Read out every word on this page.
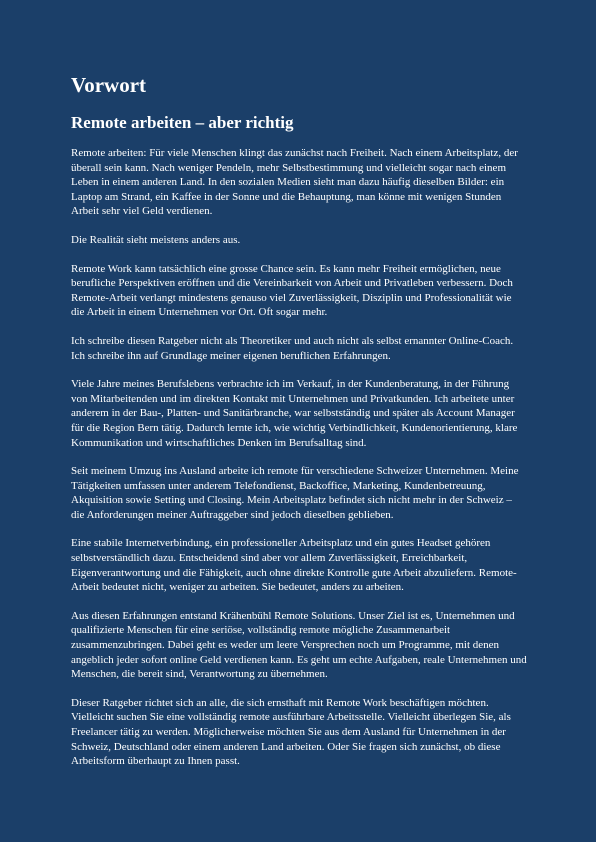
Vorwort
Remote arbeiten – aber richtig

Remote arbeiten: Für viele Menschen klingt das zunächst nach Freiheit. Nach einem Arbeitsplatz, der überall sein kann. Nach weniger Pendeln, mehr Selbstbestimmung und vielleicht sogar nach einem Leben in einem anderen Land. In den sozialen Medien sieht man dazu häufig dieselben Bilder: ein Laptop am Strand, ein Kaffee in der Sonne und die Behauptung, man könne mit wenigen Stunden Arbeit sehr viel Geld verdienen.

Die Realität sieht meistens anders aus.

Remote Work kann tatsächlich eine grosse Chance sein. Es kann mehr Freiheit ermöglichen, neue berufliche Perspektiven eröffnen und die Vereinbarkeit von Arbeit und Privatleben verbessern. Doch Remote-Arbeit verlangt mindestens genauso viel Zuverlässigkeit, Disziplin und Professionalität wie die Arbeit in einem Unternehmen vor Ort. Oft sogar mehr.

Ich schreibe diesen Ratgeber nicht als Theoretiker und auch nicht als selbst ernannter Online-Coach. Ich schreibe ihn auf Grundlage meiner eigenen beruflichen Erfahrungen.

Viele Jahre meines Berufslebens verbrachte ich im Verkauf, in der Kundenberatung, in der Führung von Mitarbeitenden und im direkten Kontakt mit Unternehmen und Privatkunden. Ich arbeitete unter anderem in der Bau-, Platten- und Sanitärbranche, war selbstständig und später als Account Manager für die Region Bern tätig. Dadurch lernte ich, wie wichtig Verbindlichkeit, Kundenorientierung, klare Kommunikation und wirtschaftliches Denken im Berufsalltag sind.

Seit meinem Umzug ins Ausland arbeite ich remote für verschiedene Schweizer Unternehmen. Meine Tätigkeiten umfassen unter anderem Telefondienst, Backoffice, Marketing, Kundenbetreuung, Akquisition sowie Setting und Closing. Mein Arbeitsplatz befindet sich nicht mehr in der Schweiz – die Anforderungen meiner Auftraggeber sind jedoch dieselben geblieben.

Eine stabile Internetverbindung, ein professioneller Arbeitsplatz und ein gutes Headset gehören selbstverständlich dazu. Entscheidend sind aber vor allem Zuverlässigkeit, Erreichbarkeit, Eigenverantwortung und die Fähigkeit, auch ohne direkte Kontrolle gute Arbeit abzuliefern. Remote-Arbeit bedeutet nicht, weniger zu arbeiten. Sie bedeutet, anders zu arbeiten.

Aus diesen Erfahrungen entstand Krähenbühl Remote Solutions. Unser Ziel ist es, Unternehmen und qualifizierte Menschen für eine seriöse, vollständig remote mögliche Zusammenarbeit zusammenzubringen. Dabei geht es weder um leere Versprechen noch um Programme, mit denen angeblich jeder sofort online Geld verdienen kann. Es geht um echte Aufgaben, reale Unternehmen und Menschen, die bereit sind, Verantwortung zu übernehmen.

Dieser Ratgeber richtet sich an alle, die sich ernsthaft mit Remote Work beschäftigen möchten. Vielleicht suchen Sie eine vollständig remote ausführbare Arbeitsstelle. Vielleicht überlegen Sie, als Freelancer tätig zu werden. Möglicherweise möchten Sie aus dem Ausland für Unternehmen in der Schweiz, Deutschland oder einem anderen Land arbeiten. Oder Sie fragen sich zunächst, ob diese Arbeitsform überhaupt zu Ihnen passt.
